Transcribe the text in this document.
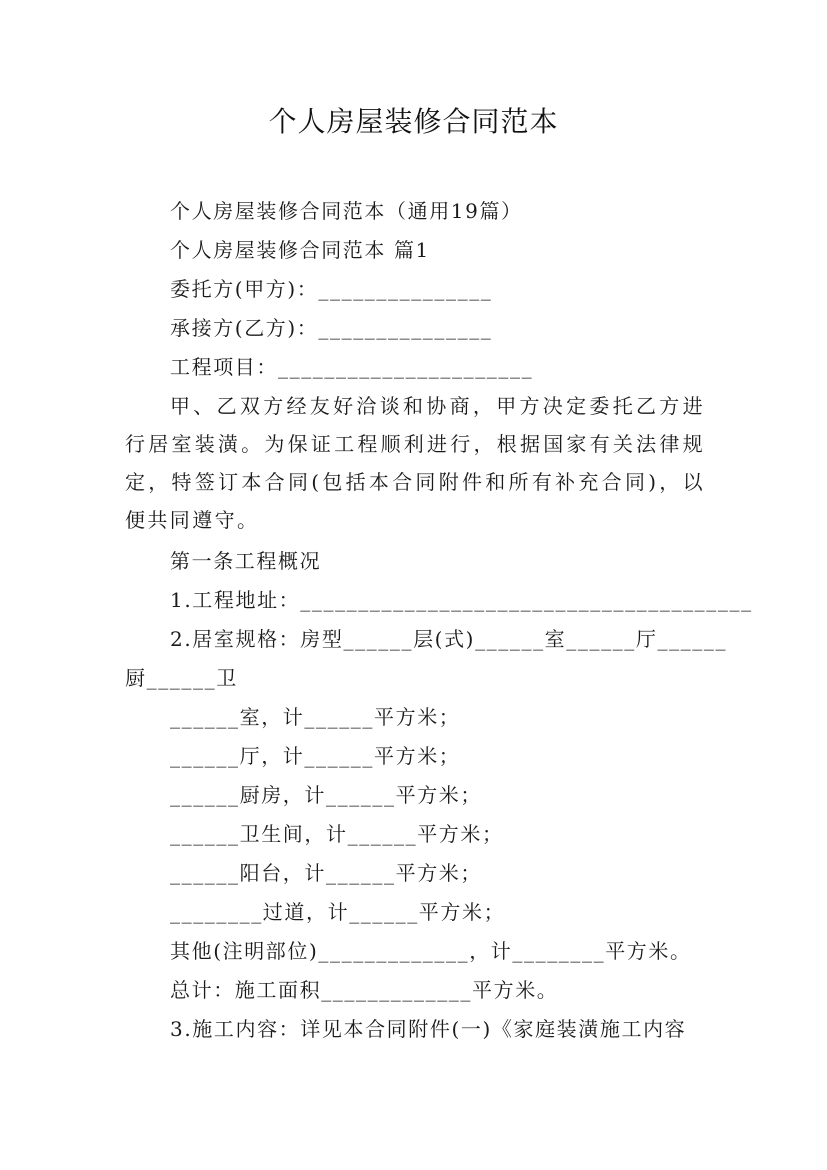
个人房屋装修合同范本
个人房屋装修合同范本（通用19篇）
个人房屋装修合同范本 篇1
委托方(甲方)：_______________
承接方(乙方)：_______________
工程项目：______________________

甲、乙双方经友好洽谈和协商，甲方决定委托乙方进行居室装潢。为保证工程顺利进行，根据国家有关法律规定，特签订本合同(包括本合同附件和所有补充合同)，以便共同遵守。

第一条工程概况
1.工程地址：_______________________________________
2.居室规格：房型______层(式)______室______厅______
厨______卫
______室，计______平方米；
______厅，计______平方米；
______厨房，计______平方米；
______卫生间，计______平方米；
______阳台，计______平方米；
________过道，计______平方米；
其他(注明部位)_____________，计________平方米。
总计：施工面积_____________平方米。
3.施工内容：详见本合同附件(一)《家庭装潢施工内容
